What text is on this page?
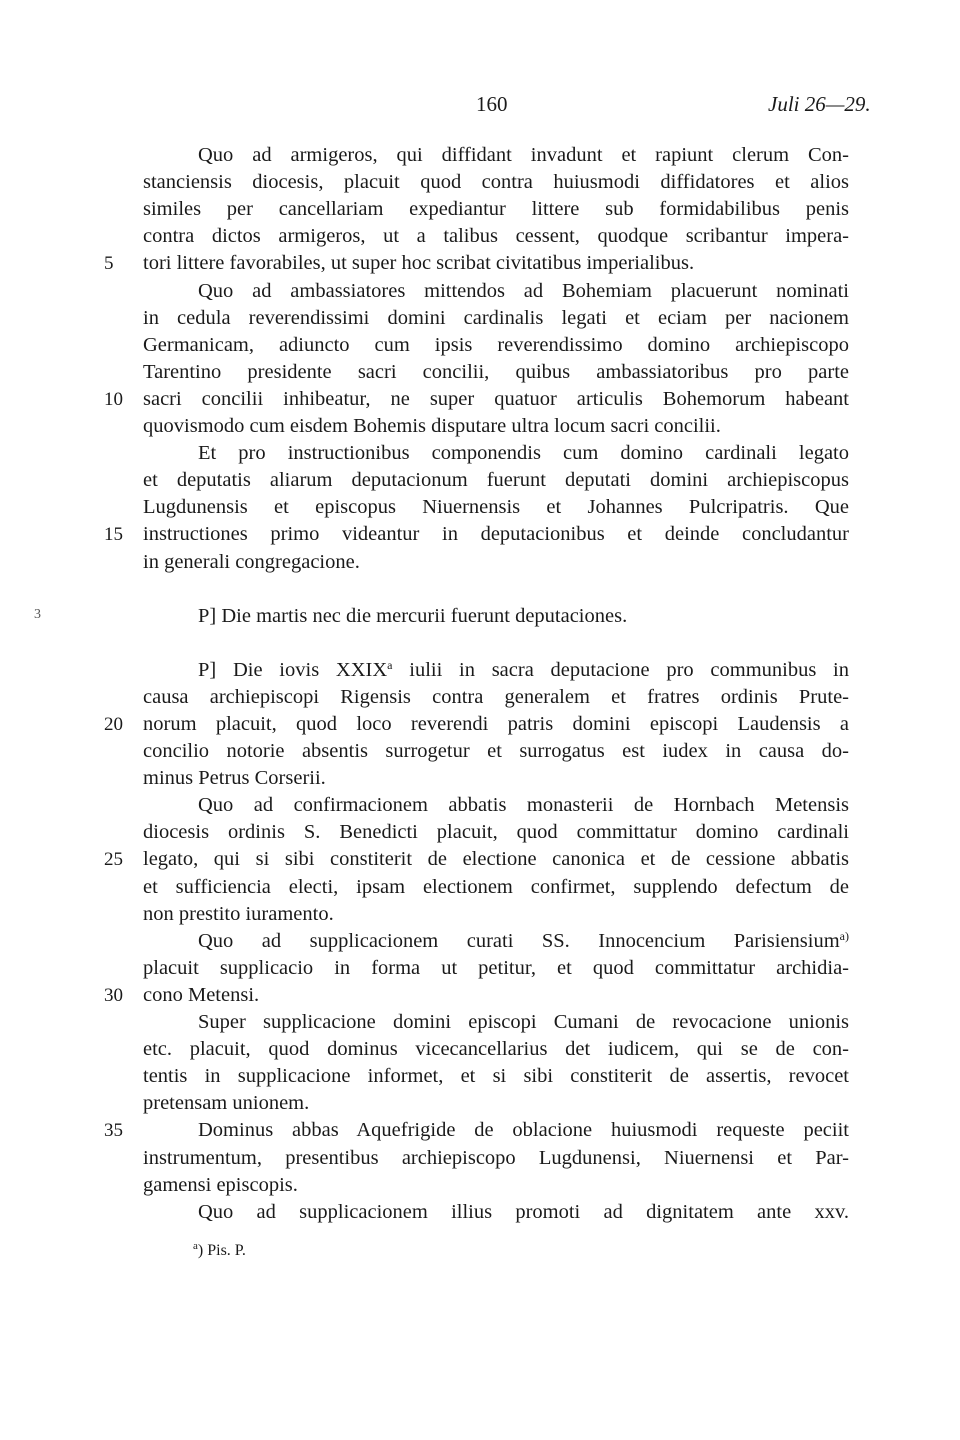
160	Juli 26—29.
Quo ad armigeros, qui diffidant invadunt et rapiunt clerum Con-
stanciensis diocesis, placuit quod contra huiusmodi diffidatores et alios
similes per cancellariam expediantur littere sub formidabilibus penis
contra dictos armigeros, ut a talibus cessent, quodque scribantur impera-
tori littere favorabiles, ut super hoc scribat civitatibus imperialibus.
5
Quo ad ambassiatores mittendos ad Bohemiam placuerunt nominati
in cedula reverendissimi domini cardinalis legati et eciam per nacionem
Germanicam, adiuncto cum ipsis reverendissimo domino archiepiscopo
Tarentino presidente sacri concilii, quibus ambassiatoribus pro parte
sacri concilii inhibeatur, ne super quatuor articulis Bohemorum habeant
10
quovismodo cum eisdem Bohemis disputare ultra locum sacri concilii.
Et pro instructionibus componendis cum domino cardinali legato
et deputatis aliarum deputacionum fuerunt deputati domini archiepiscopus
Lugdunensis et episcopus Niuernensis et Johannes Pulcripatris. Que
instructiones primo videantur in deputacionibus et deinde concludantur
15
in generali congregacione.
P] Die martis nec die mercurii fuerunt deputaciones.
P] Die iovis XXIX$^a$ iulii in sacra deputacione pro communibus in
causa archiepiscopi Rigensis contra generalem et fratres ordinis Prute-
norum placuit, quod loco reverendi patris domini episcopi Laudensis a
20
concilio notorie absentis surrogetur et surrogatus est iudex in causa do-
minus Petrus Corserii.
Quo ad confirmacionem abbatis monasterii de Hornbach Metensis
diocesis ordinis S. Benedicti placuit, quod committatur domino cardinali
legato, qui si sibi constiterit de electione canonica et de cessione abbatis
25
et sufficiencia electi, ipsam electionem confirmet, supplendo defectum de
non prestito iuramento.
Quo ad supplicacionem curati SS. Innocencium Parisiensium$^{a)}$
placuit supplicacio in forma ut petitur, et quod committatur archidia-
cono Metensi.
30
Super supplicacione domini episcopi Cumani de revocacione unionis
etc. placuit, quod dominus vicecancellarius det iudicem, qui se de con-
tentis in supplicacione informet, et si sibi constiterit de assertis, revocet
pretensam unionem.
Dominus abbas Aquefrigide de oblacione huiusmodi requeste peciit
35
instrumentum, presentibus archiepiscopo Lugdunensi, Niuernensi et Par-
gamensi episcopis.
Quo ad supplicacionem illius promoti ad dignitatem ante xxv.
3
$^a$) Pis. P.
